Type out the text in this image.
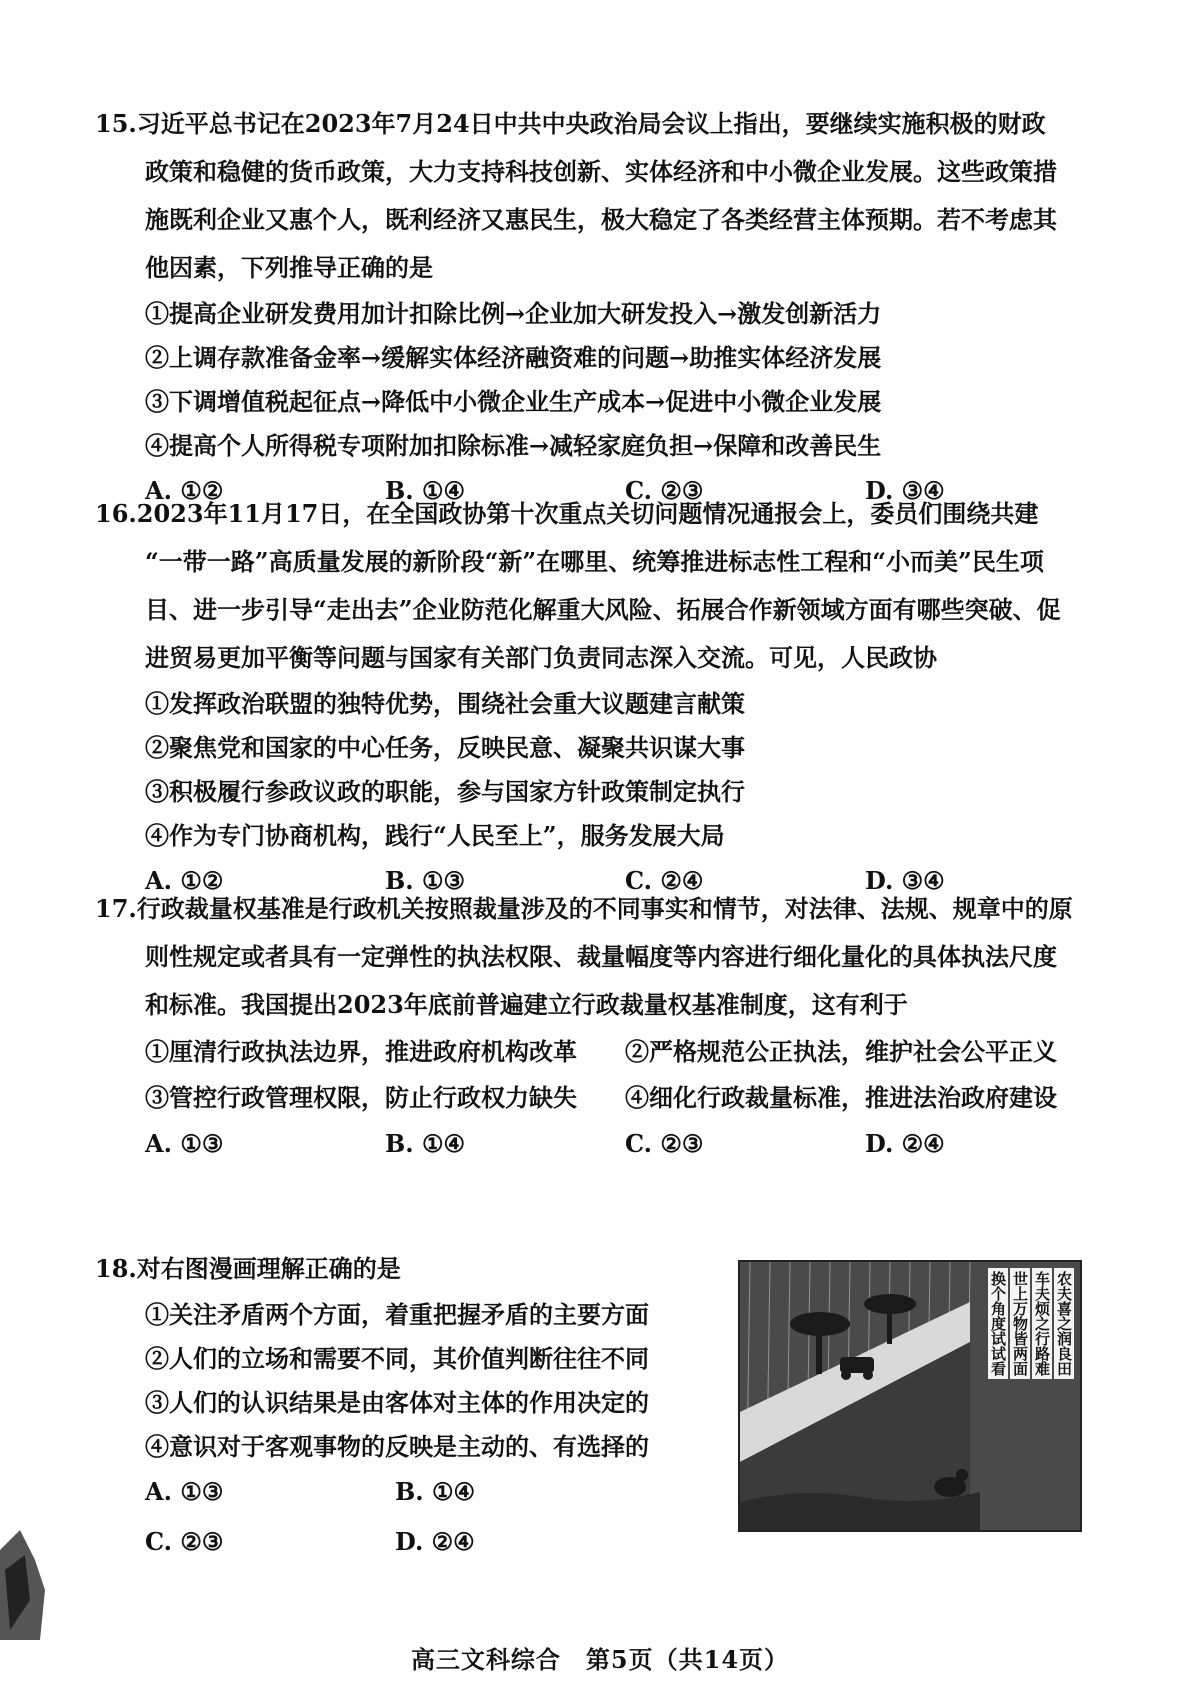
15.习近平总书记在2023年7月24日中共中央政治局会议上指出，要继续实施积极的财政
政策和稳健的货币政策，大力支持科技创新、实体经济和中小微企业发展。这些政策措
施既利企业又惠个人，既利经济又惠民生，极大稳定了各类经营主体预期。若不考虑其
他因素，下列推导正确的是
①提高企业研发费用加计扣除比例→企业加大研发投入→激发创新活力
②上调存款准备金率→缓解实体经济融资难的问题→助推实体经济发展
③下调增值税起征点→降低中小微企业生产成本→促进中小微企业发展
④提高个人所得税专项附加扣除标准→减轻家庭负担→保障和改善民生
A. ①②	B. ①④	C. ②③	D. ③④
16.2023年11月17日，在全国政协第十次重点关切问题情况通报会上，委员们围绕共建
“一带一路”高质量发展的新阶段“新”在哪里、统筹推进标志性工程和“小而美”民生项
目、进一步引导“走出去”企业防范化解重大风险、拓展合作新领域方面有哪些突破、促
进贸易更加平衡等问题与国家有关部门负责同志深入交流。可见，人民政协
①发挥政治联盟的独特优势，围绕社会重大议题建言献策
②聚焦党和国家的中心任务，反映民意、凝聚共识谋大事
③积极履行参政议政的职能，参与国家方针政策制定执行
④作为专门协商机构，践行“人民至上”，服务发展大局
A. ①②	B. ①③	C. ②④	D. ③④
17.行政裁量权基准是行政机关按照裁量涉及的不同事实和情节，对法律、法规、规章中的原
则性规定或者具有一定弹性的执法权限、裁量幅度等内容进行细化量化的具体执法尺度
和标准。我国提出2023年底前普遍建立行政裁量权基准制度，这有利于
①厘清行政执法边界，推进政府机构改革	②严格规范公正执法，维护社会公平正义
③管控行政管理权限，防止行政权力缺失	④细化行政裁量标准，推进法治政府建设
A. ①③	B. ①④	C. ②③	D. ②④
18.对右图漫画理解正确的是
①关注矛盾两个方面，着重把握矛盾的主要方面
②人们的立场和需要不同，其价值判断往往不同
③人们的认识结果是由客体对主体的作用决定的
④意识对于客观事物的反映是主动的、有选择的
A. ①③	B. ①④
C. ②③	D. ②④
农夫喜之润良田
车夫烦之行路难
世上万物皆两面
换个角度试试看
高三文科综合　第5页（共14页）
